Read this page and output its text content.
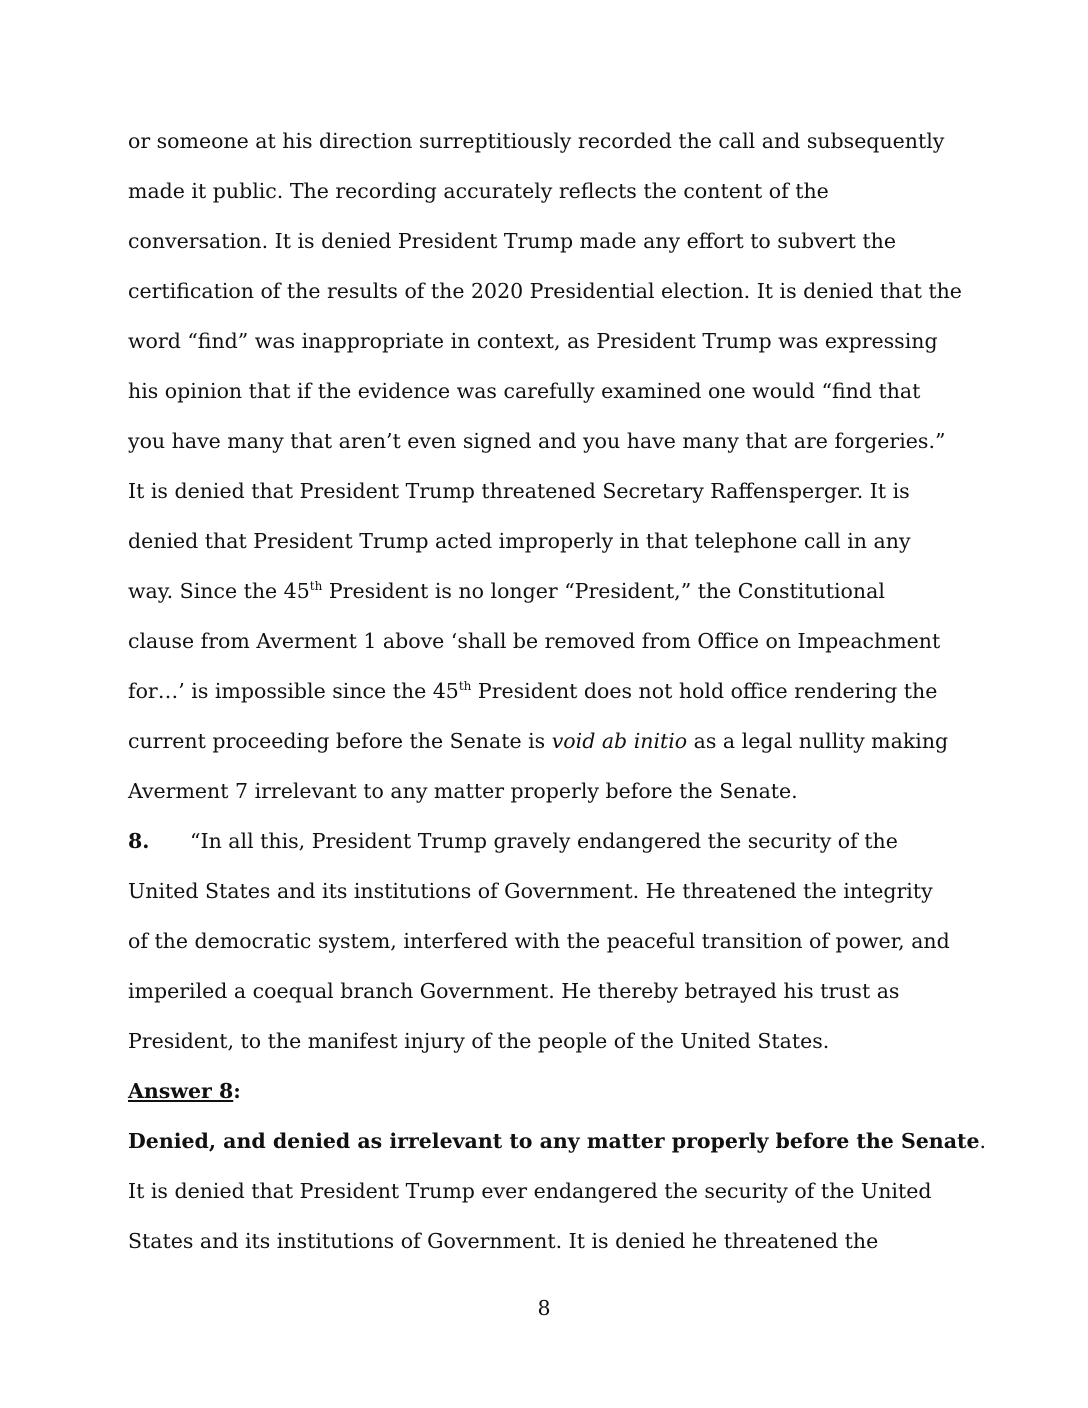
or someone at his direction surreptitiously recorded the call and subsequently
made it public. The recording accurately reflects the content of the
conversation. It is denied President Trump made any effort to subvert the
certification of the results of the 2020 Presidential election. It is denied that the
word “find” was inappropriate in context, as President Trump was expressing
his opinion that if the evidence was carefully examined one would “find that
you have many that aren’t even signed and you have many that are forgeries.”
It is denied that President Trump threatened Secretary Raffensperger. It is
denied that President Trump acted improperly in that telephone call in any
way. Since the 45th President is no longer “President,” the Constitutional
clause from Averment 1 above ‘shall be removed from Office on Impeachment
for…’ is impossible since the 45th President does not hold office rendering the
current proceeding before the Senate is void ab initio as a legal nullity making
Averment 7 irrelevant to any matter properly before the Senate.
8. “In all this, President Trump gravely endangered the security of the
United States and its institutions of Government. He threatened the integrity
of the democratic system, interfered with the peaceful transition of power, and
imperiled a coequal branch Government. He thereby betrayed his trust as
President, to the manifest injury of the people of the United States.
Answer 8:
Denied, and denied as irrelevant to any matter properly before the Senate.
It is denied that President Trump ever endangered the security of the United
States and its institutions of Government. It is denied he threatened the
8
